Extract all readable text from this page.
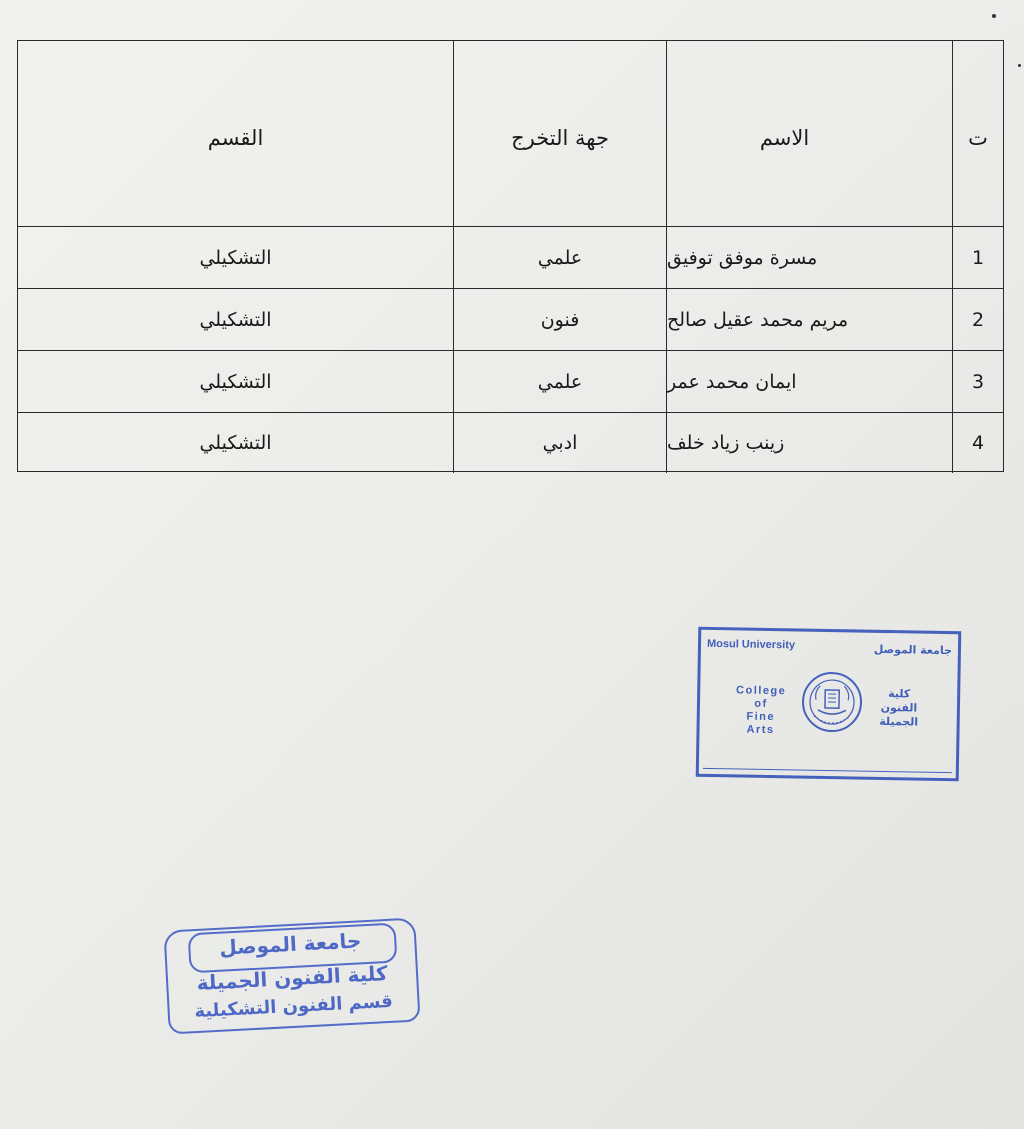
القسم	جهة التخرج	الاسم	ت
التشكيلي	علمي	مسرة موفق توفيق	1
التشكيلي	فنون	مريم محمد عقيل صالح	2
التشكيلي	علمي	ايمان محمد عمر	3
التشكيلي	ادبي	زينب زياد خلف	4
Mosul University	جامعة الموصل
College of
Fine
Arts
كلية
الفنون
الجميلة
جامعة الموصل
كلية الفنون الجميلة
قسم الفنون التشكيلية
